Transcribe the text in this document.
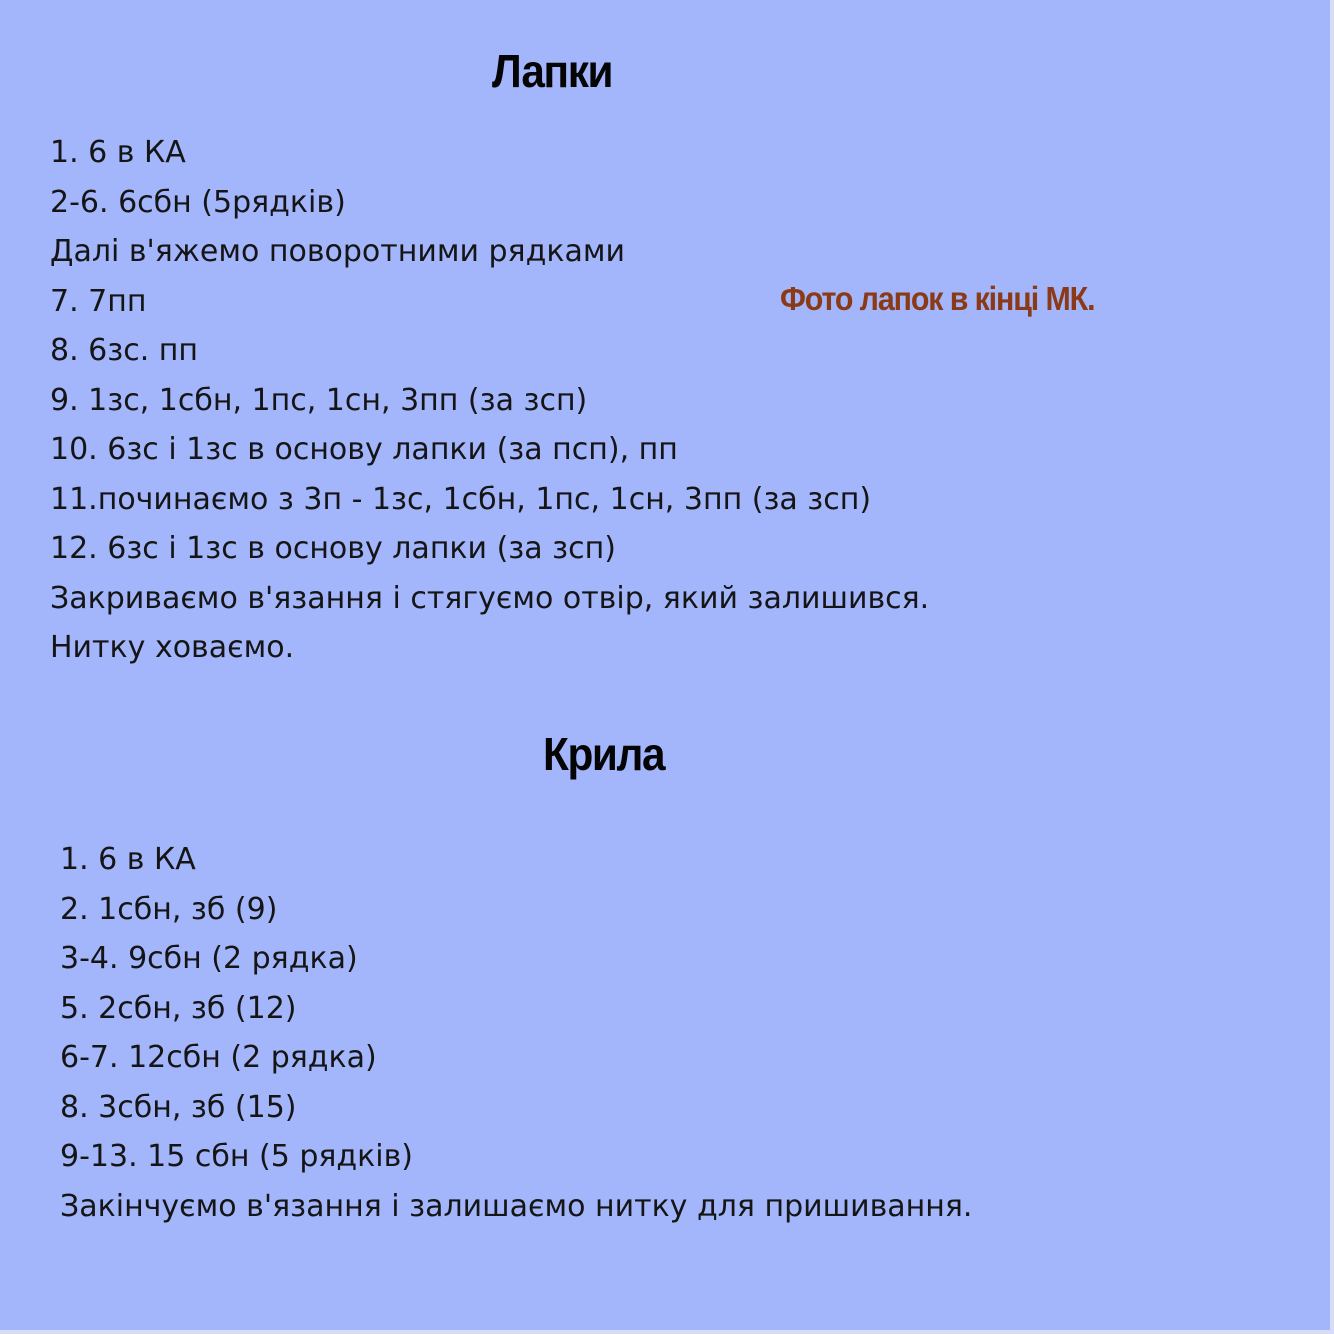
Лапки
Фото лапок в кінці МК.
1. 6 в КА
2-6. 6сбн (5рядків)
Далі в'яжемо поворотними рядками
7. 7пп
8. 6зс. пп
9. 1зс, 1сбн, 1пс, 1сн, 3пп (за зсп)
10. 6зс і 1зс в основу лапки (за псп), пп
11.починаємо з 3п - 1зс, 1сбн, 1пс, 1сн, 3пп (за зсп)
12. 6зс і 1зс в основу лапки (за зсп)
Закриваємо в'язання і стягуємо отвір, який залишився.
Нитку ховаємо.
Крила
1. 6 в КА
2. 1сбн, зб (9)
3-4. 9сбн (2 рядка)
5. 2сбн, зб (12)
6-7. 12сбн (2 рядка)
8. 3сбн, зб (15)
9-13. 15 сбн (5 рядків)
Закінчуємо в'язання і залишаємо нитку для пришивання.
